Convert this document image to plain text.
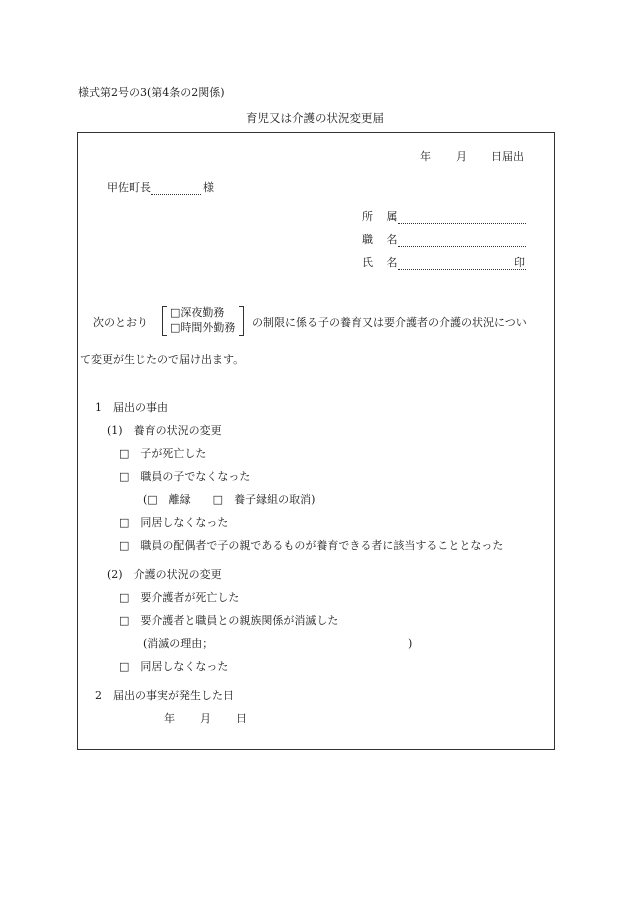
様式第2号の3(第4条の2関係)
育児又は介護の状況変更届
年 月 日届出
甲佐町長	様
所 属
職 名
氏 名	印
次のとおり
□深夜勤務
□時間外勤務 の制限に係る子の養育又は要介護者の介護の状況につい
て変更が生じたので届け出ます。
1　届出の事由
(1)　養育の状況の変更
□　子が死亡した
□　職員の子でなくなった
(□　離縁　　□　養子縁組の取消)
□　同居しなくなった
□　職員の配偶者で子の親であるものが養育できる者に該当することとなった
(2)　介護の状況の変更
□　要介護者が死亡した
□　要介護者と職員との親族関係が消滅した
(消滅の理由；	)
□　同居しなくなった
2　届出の事実が発生した日
年 月 日
